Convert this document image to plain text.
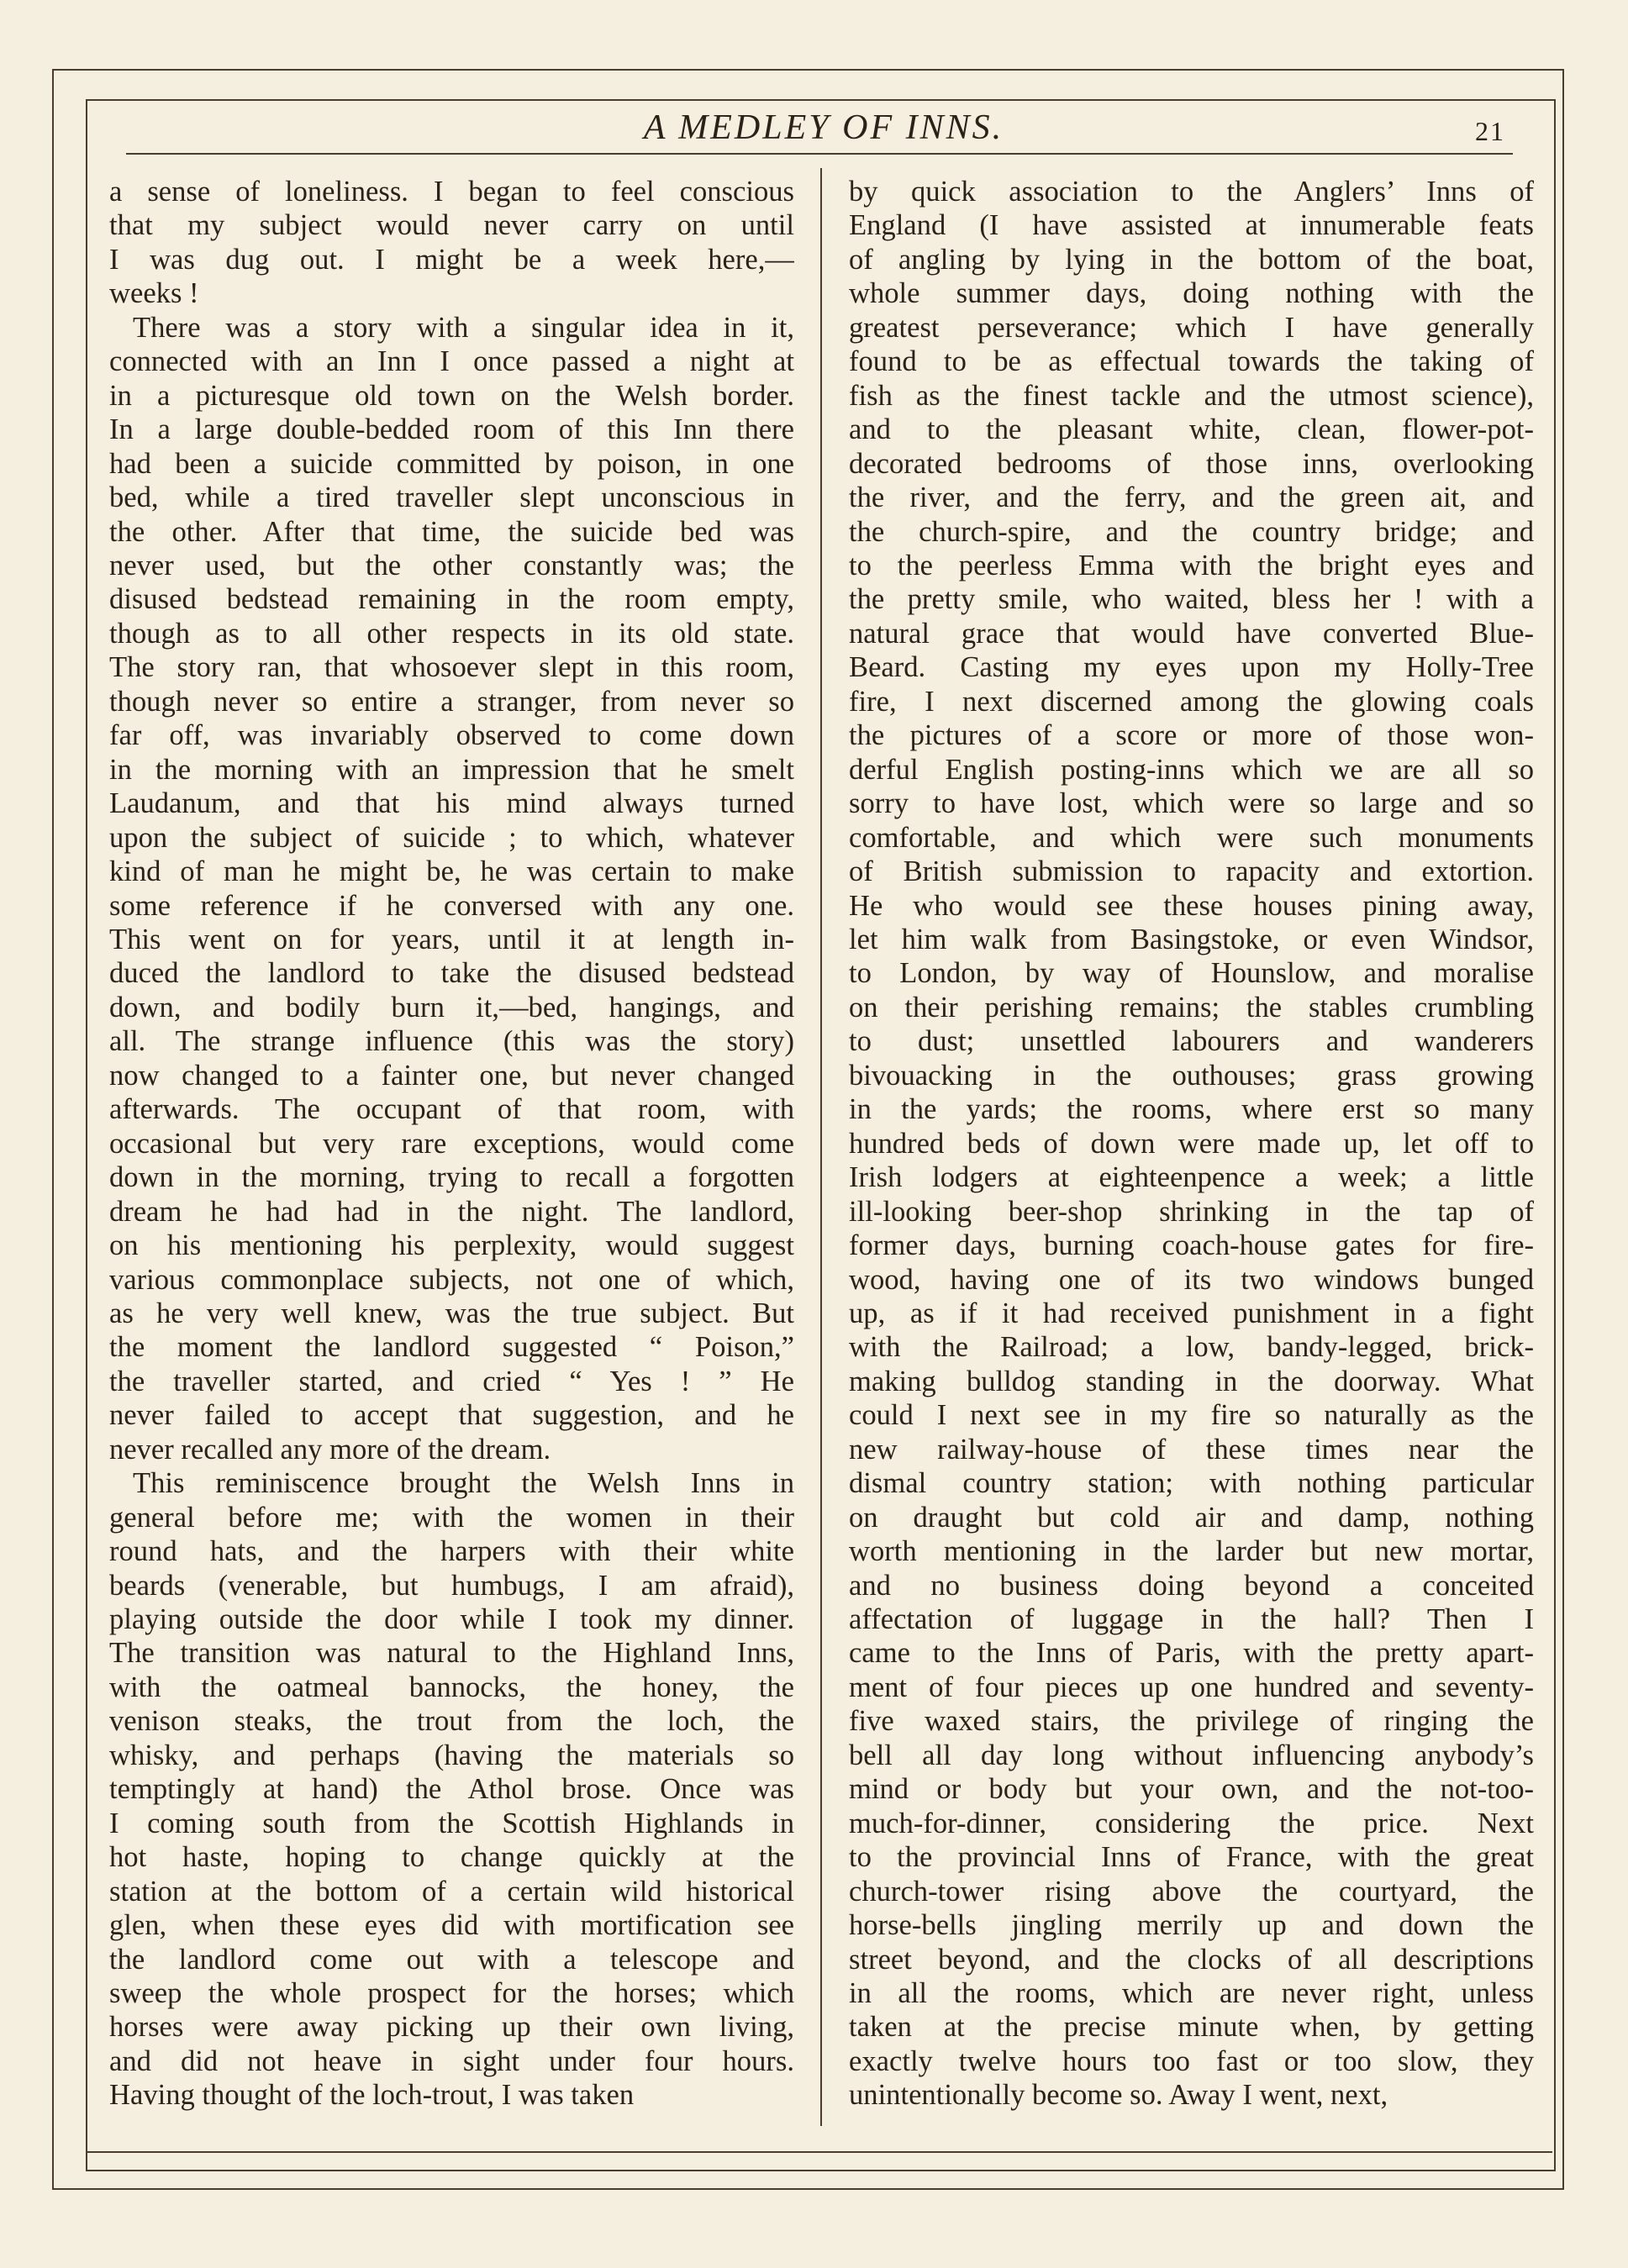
A MEDLEY OF INNS.	21
a sense of loneliness. I began to feel conscious
that my subject would never carry on until
I was dug out. I might be a week here,—
weeks !
There was a story with a singular idea in it,
connected with an Inn I once passed a night at
in a picturesque old town on the Welsh border.
In a large double-bedded room of this Inn there
had been a suicide committed by poison, in one
bed, while a tired traveller slept unconscious in
the other. After that time, the suicide bed was
never used, but the other constantly was; the
disused bedstead remaining in the room empty,
though as to all other respects in its old state.
The story ran, that whosoever slept in this room,
though never so entire a stranger, from never so
far off, was invariably observed to come down
in the morning with an impression that he smelt
Laudanum, and that his mind always turned
upon the subject of suicide ; to which, whatever
kind of man he might be, he was certain to make
some reference if he conversed with any one.
This went on for years, until it at length in-
duced the landlord to take the disused bedstead
down, and bodily burn it,—bed, hangings, and
all. The strange influence (this was the story)
now changed to a fainter one, but never changed
afterwards. The occupant of that room, with
occasional but very rare exceptions, would come
down in the morning, trying to recall a forgotten
dream he had had in the night. The landlord,
on his mentioning his perplexity, would suggest
various commonplace subjects, not one of which,
as he very well knew, was the true subject. But
the moment the landlord suggested “ Poison,”
the traveller started, and cried “ Yes ! ” He
never failed to accept that suggestion, and he
never recalled any more of the dream.
This reminiscence brought the Welsh Inns in
general before me; with the women in their
round hats, and the harpers with their white
beards (venerable, but humbugs, I am afraid),
playing outside the door while I took my dinner.
The transition was natural to the Highland Inns,
with the oatmeal bannocks, the honey, the
venison steaks, the trout from the loch, the
whisky, and perhaps (having the materials so
temptingly at hand) the Athol brose. Once was
I coming south from the Scottish Highlands in
hot haste, hoping to change quickly at the
station at the bottom of a certain wild historical
glen, when these eyes did with mortification see
the landlord come out with a telescope and
sweep the whole prospect for the horses; which
horses were away picking up their own living,
and did not heave in sight under four hours.
Having thought of the loch-trout, I was taken
by quick association to the Anglers’ Inns of
England (I have assisted at innumerable feats
of angling by lying in the bottom of the boat,
whole summer days, doing nothing with the
greatest perseverance; which I have generally
found to be as effectual towards the taking of
fish as the finest tackle and the utmost science),
and to the pleasant white, clean, flower-pot-
decorated bedrooms of those inns, overlooking
the river, and the ferry, and the green ait, and
the church-spire, and the country bridge; and
to the peerless Emma with the bright eyes and
the pretty smile, who waited, bless her ! with a
natural grace that would have converted Blue-
Beard. Casting my eyes upon my Holly-Tree
fire, I next discerned among the glowing coals
the pictures of a score or more of those won-
derful English posting-inns which we are all so
sorry to have lost, which were so large and so
comfortable, and which were such monuments
of British submission to rapacity and extortion.
He who would see these houses pining away,
let him walk from Basingstoke, or even Windsor,
to London, by way of Hounslow, and moralise
on their perishing remains; the stables crumbling
to dust; unsettled labourers and wanderers
bivouacking in the outhouses; grass growing
in the yards; the rooms, where erst so many
hundred beds of down were made up, let off to
Irish lodgers at eighteenpence a week; a little
ill-looking beer-shop shrinking in the tap of
former days, burning coach-house gates for fire-
wood, having one of its two windows bunged
up, as if it had received punishment in a fight
with the Railroad; a low, bandy-legged, brick-
making bulldog standing in the doorway. What
could I next see in my fire so naturally as the
new railway-house of these times near the
dismal country station; with nothing particular
on draught but cold air and damp, nothing
worth mentioning in the larder but new mortar,
and no business doing beyond a conceited
affectation of luggage in the hall? Then I
came to the Inns of Paris, with the pretty apart-
ment of four pieces up one hundred and seventy-
five waxed stairs, the privilege of ringing the
bell all day long without influencing anybody’s
mind or body but your own, and the not-too-
much-for-dinner, considering the price. Next
to the provincial Inns of France, with the great
church-tower rising above the courtyard, the
horse-bells jingling merrily up and down the
street beyond, and the clocks of all descriptions
in all the rooms, which are never right, unless
taken at the precise minute when, by getting
exactly twelve hours too fast or too slow, they
unintentionally become so. Away I went, next,
